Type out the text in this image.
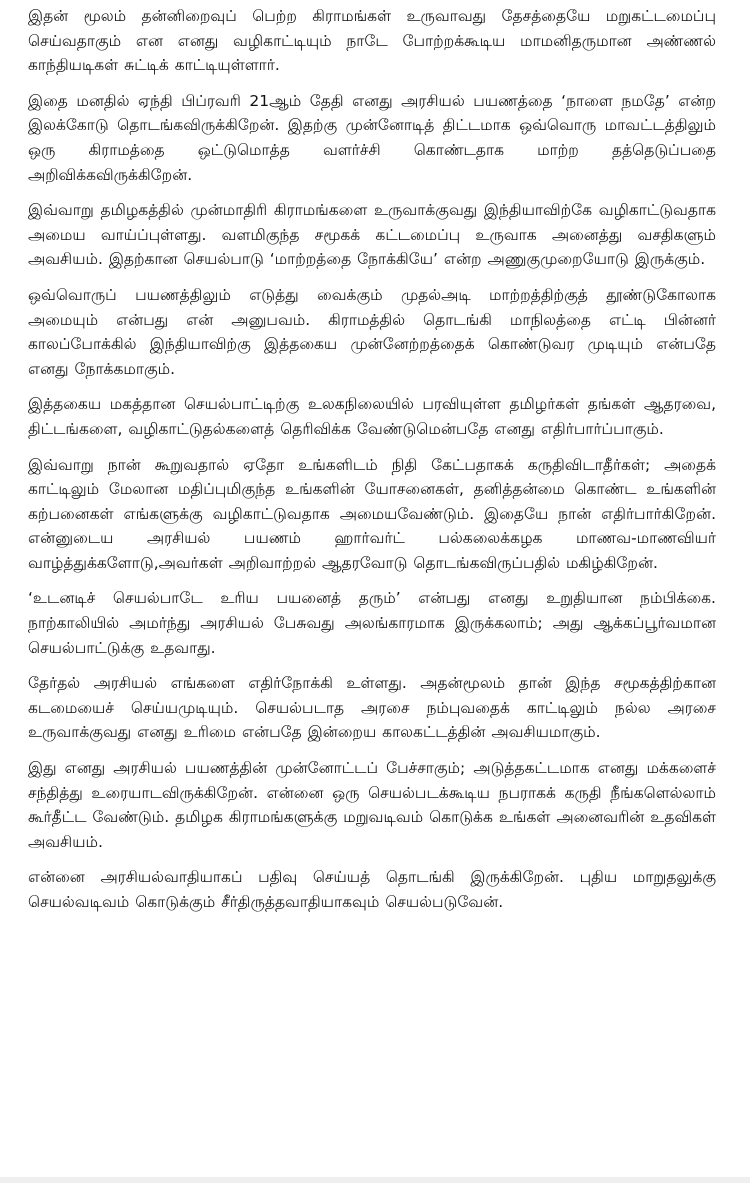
இதன் மூலம் தன்னிறைவுப் பெற்ற கிராமங்கள் உருவாவது தேசத்தையே மறுகட்டமைப்பு செய்வதாகும் என எனது வழிகாட்டியும் நாடே போற்றக்கூடிய மாமனிதருமான அண்ணல் காந்தியடிகள் சுட்டிக் காட்டியுள்ளார்.

இதை மனதில் ஏந்தி பிப்ரவரி 21ஆம் தேதி எனது அரசியல் பயணத்தை ‘நாளை நமதே’ என்ற இலக்கோடு தொடங்கவிருக்கிறேன். இதற்கு முன்னோடித் திட்டமாக ஒவ்வொரு மாவட்டத்திலும் ஒரு கிராமத்தை ஒட்டுமொத்த வளர்ச்சி கொண்டதாக மாற்ற தத்தெடுப்பதை அறிவிக்கவிருக்கிறேன்.

இவ்வாறு தமிழகத்தில் முன்மாதிரி கிராமங்களை உருவாக்குவது இந்தியாவிற்கே வழிகாட்டுவதாக அமைய வாய்ப்புள்ளது. வளமிகுந்த சமூகக் கட்டமைப்பு உருவாக அனைத்து வசதிகளும் அவசியம். இதற்கான செயல்பாடு ‘மாற்றத்தை நோக்கியே’ என்ற அணுகுமுறையோடு இருக்கும்.

ஒவ்வொருப் பயணத்திலும் எடுத்து வைக்கும் முதல்அடி மாற்றத்திற்குத் தூண்டுகோலாக அமையும் என்பது என் அனுபவம். கிராமத்தில் தொடங்கி மாநிலத்தை எட்டி பின்னர் காலப்போக்கில் இந்தியாவிற்கு இத்தகைய முன்னேற்றத்தைக் கொண்டுவர முடியும் என்பதே எனது நோக்கமாகும்.

இத்தகைய மகத்தான செயல்பாட்டிற்கு உலகநிலையில் பரவியுள்ள தமிழர்கள் தங்கள் ஆதரவை, திட்டங்களை, வழிகாட்டுதல்களைத் தெரிவிக்க வேண்டுமென்பதே எனது எதிர்பார்ப்பாகும்.

இவ்வாறு நான் கூறுவதால் ஏதோ உங்களிடம் நிதி கேட்பதாகக் கருதிவிடாதீர்கள்; அதைக் காட்டிலும் மேலான மதிப்புமிகுந்த உங்களின் யோசனைகள், தனித்தன்மை கொண்ட உங்களின் கற்பனைகள் எங்களுக்கு வழிகாட்டுவதாக அமையவேண்டும். இதையே நான் எதிர்பார்கிறேன். என்னுடைய அரசியல் பயணம் ஹார்வர்ட் பல்கலைக்கழக மாணவ-மாணவியர் வாழ்த்துக்களோடு,அவர்கள் அறிவாற்றல் ஆதரவோடு தொடங்கவிருப்பதில் மகிழ்கிறேன்.

‘உடனடிச் செயல்பாடே உரிய பயனைத் தரும்’ என்பது எனது உறுதியான நம்பிக்கை. நாற்காலியில் அமர்ந்து அரசியல் பேசுவது அலங்காரமாக இருக்கலாம்; அது ஆக்கப்பூர்வமான செயல்பாட்டுக்கு உதவாது.

தேர்தல் அரசியல் எங்களை எதிர்நோக்கி உள்ளது. அதன்மூலம் தான் இந்த சமூகத்திற்கான கடமையைச் செய்யமுடியும். செயல்படாத அரசை நம்புவதைக் காட்டிலும் நல்ல அரசை உருவாக்குவது எனது உரிமை என்பதே இன்றைய காலகட்டத்தின் அவசியமாகும்.

இது எனது அரசியல் பயணத்தின் முன்னோட்டப் பேச்சாகும்; அடுத்தகட்டமாக எனது மக்களைச் சந்தித்து உரையாடவிருக்கிறேன். என்னை ஒரு செயல்படக்கூடிய நபராகக் கருதி நீங்களெல்லாம் கூர்தீட்ட வேண்டும். தமிழக கிராமங்களுக்கு மறுவடிவம் கொடுக்க உங்கள் அனைவரின் உதவிகள் அவசியம்.

என்னை அரசியல்வாதியாகப் பதிவு செய்யத் தொடங்கி இருக்கிறேன். புதிய மாறுதலுக்கு செயல்வடிவம் கொடுக்கும் சீர்திருத்தவாதியாகவும் செயல்படுவேன்.
